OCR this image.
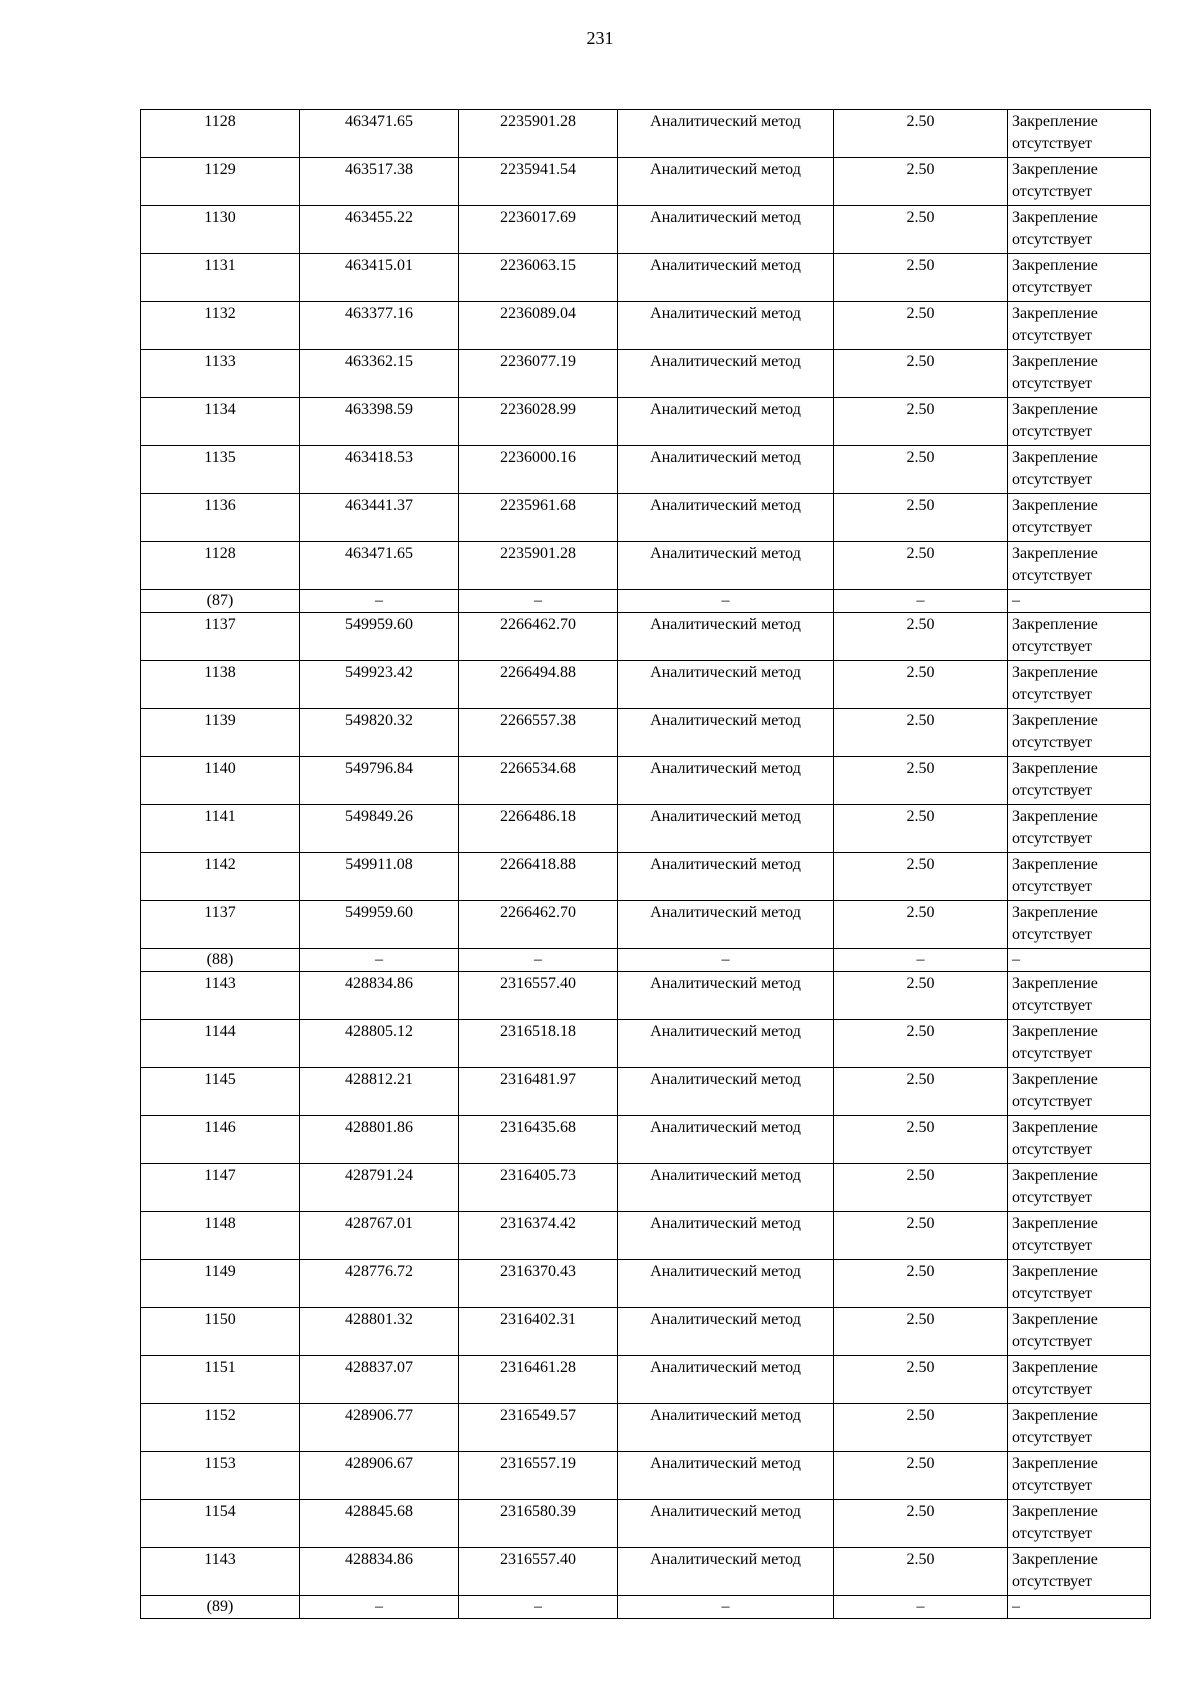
231
1128	463471.65	2235901.28	Аналитический метод	2.50	Закрепление отсутствует
1129	463517.38	2235941.54	Аналитический метод	2.50	Закрепление отсутствует
1130	463455.22	2236017.69	Аналитический метод	2.50	Закрепление отсутствует
1131	463415.01	2236063.15	Аналитический метод	2.50	Закрепление отсутствует
1132	463377.16	2236089.04	Аналитический метод	2.50	Закрепление отсутствует
1133	463362.15	2236077.19	Аналитический метод	2.50	Закрепление отсутствует
1134	463398.59	2236028.99	Аналитический метод	2.50	Закрепление отсутствует
1135	463418.53	2236000.16	Аналитический метод	2.50	Закрепление отсутствует
1136	463441.37	2235961.68	Аналитический метод	2.50	Закрепление отсутствует
1128	463471.65	2235901.28	Аналитический метод	2.50	Закрепление отсутствует
(87)	–	–	–	–	–
1137	549959.60	2266462.70	Аналитический метод	2.50	Закрепление отсутствует
1138	549923.42	2266494.88	Аналитический метод	2.50	Закрепление отсутствует
1139	549820.32	2266557.38	Аналитический метод	2.50	Закрепление отсутствует
1140	549796.84	2266534.68	Аналитический метод	2.50	Закрепление отсутствует
1141	549849.26	2266486.18	Аналитический метод	2.50	Закрепление отсутствует
1142	549911.08	2266418.88	Аналитический метод	2.50	Закрепление отсутствует
1137	549959.60	2266462.70	Аналитический метод	2.50	Закрепление отсутствует
(88)	–	–	–	–	–
1143	428834.86	2316557.40	Аналитический метод	2.50	Закрепление отсутствует
1144	428805.12	2316518.18	Аналитический метод	2.50	Закрепление отсутствует
1145	428812.21	2316481.97	Аналитический метод	2.50	Закрепление отсутствует
1146	428801.86	2316435.68	Аналитический метод	2.50	Закрепление отсутствует
1147	428791.24	2316405.73	Аналитический метод	2.50	Закрепление отсутствует
1148	428767.01	2316374.42	Аналитический метод	2.50	Закрепление отсутствует
1149	428776.72	2316370.43	Аналитический метод	2.50	Закрепление отсутствует
1150	428801.32	2316402.31	Аналитический метод	2.50	Закрепление отсутствует
1151	428837.07	2316461.28	Аналитический метод	2.50	Закрепление отсутствует
1152	428906.77	2316549.57	Аналитический метод	2.50	Закрепление отсутствует
1153	428906.67	2316557.19	Аналитический метод	2.50	Закрепление отсутствует
1154	428845.68	2316580.39	Аналитический метод	2.50	Закрепление отсутствует
1143	428834.86	2316557.40	Аналитический метод	2.50	Закрепление отсутствует
(89)	–	–	–	–	–
